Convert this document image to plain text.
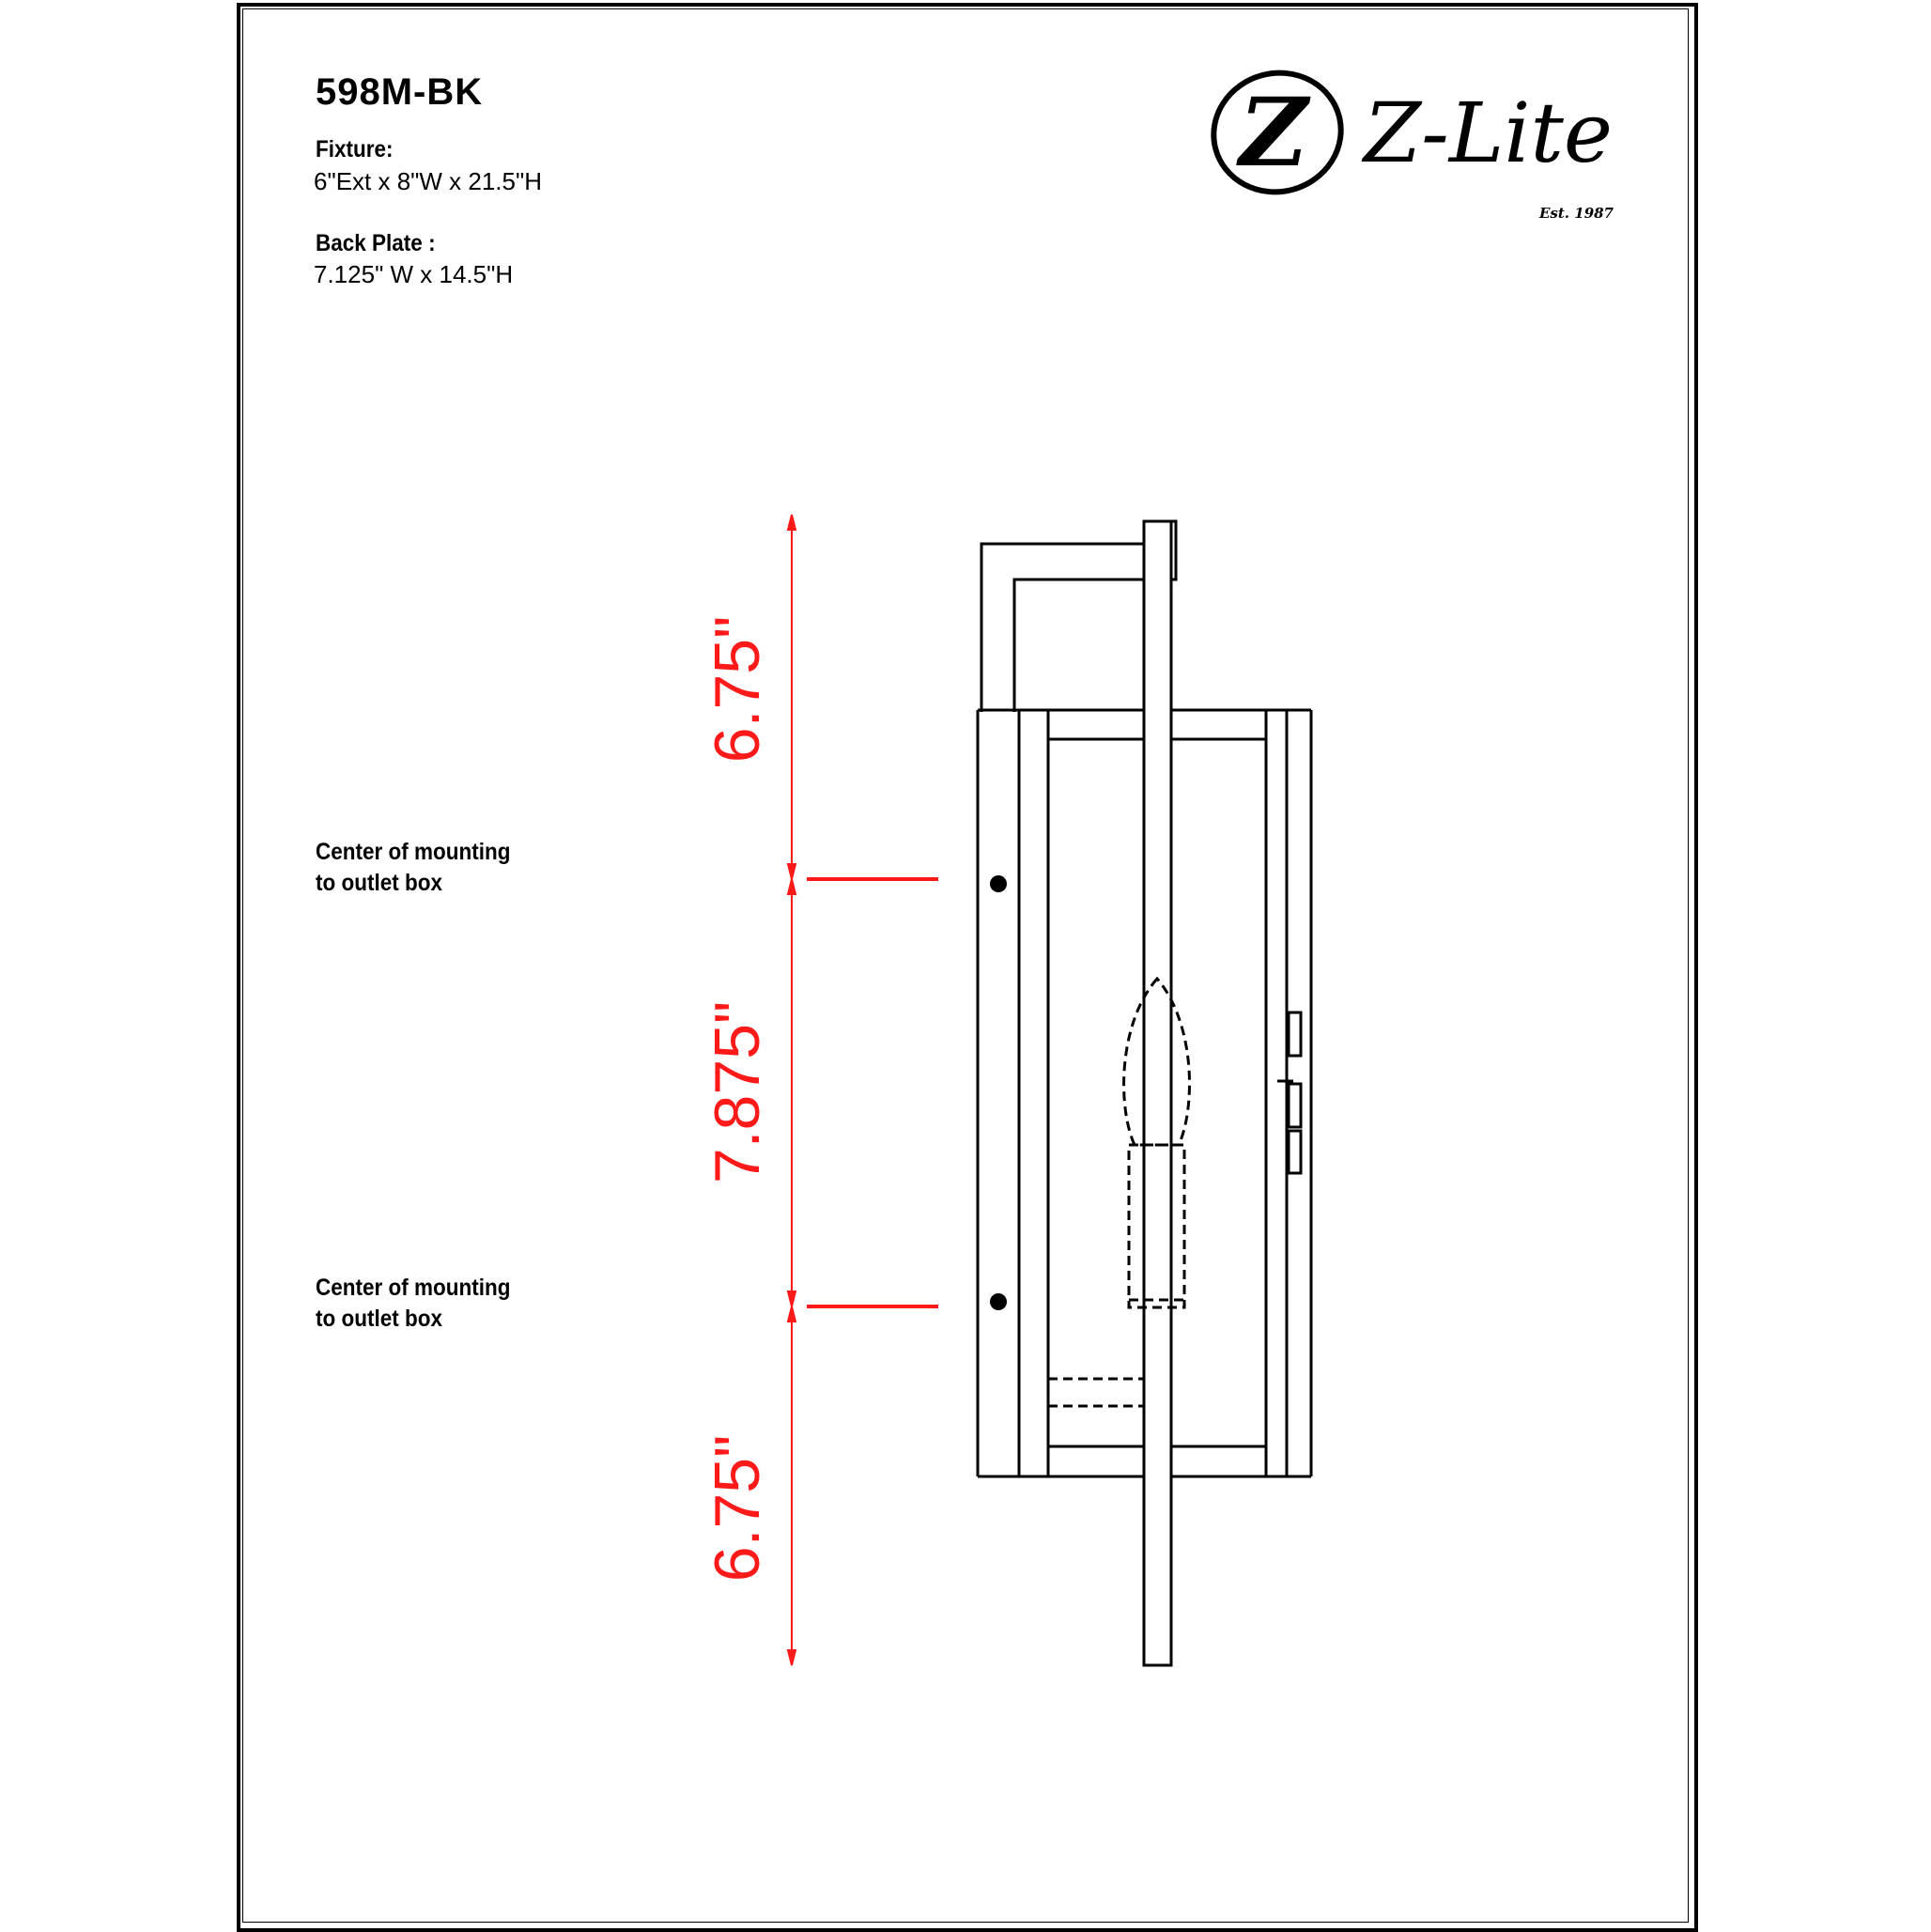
598M-BK
Fixture:
6"Ext x 8"W x 21.5"H
Back Plate :
7.125" W x 14.5"H
Center of mounting
to outlet box
Center of mounting
to outlet box
Z Z-Lite
Est. 1987
6.75"
7.875"
6.75"
